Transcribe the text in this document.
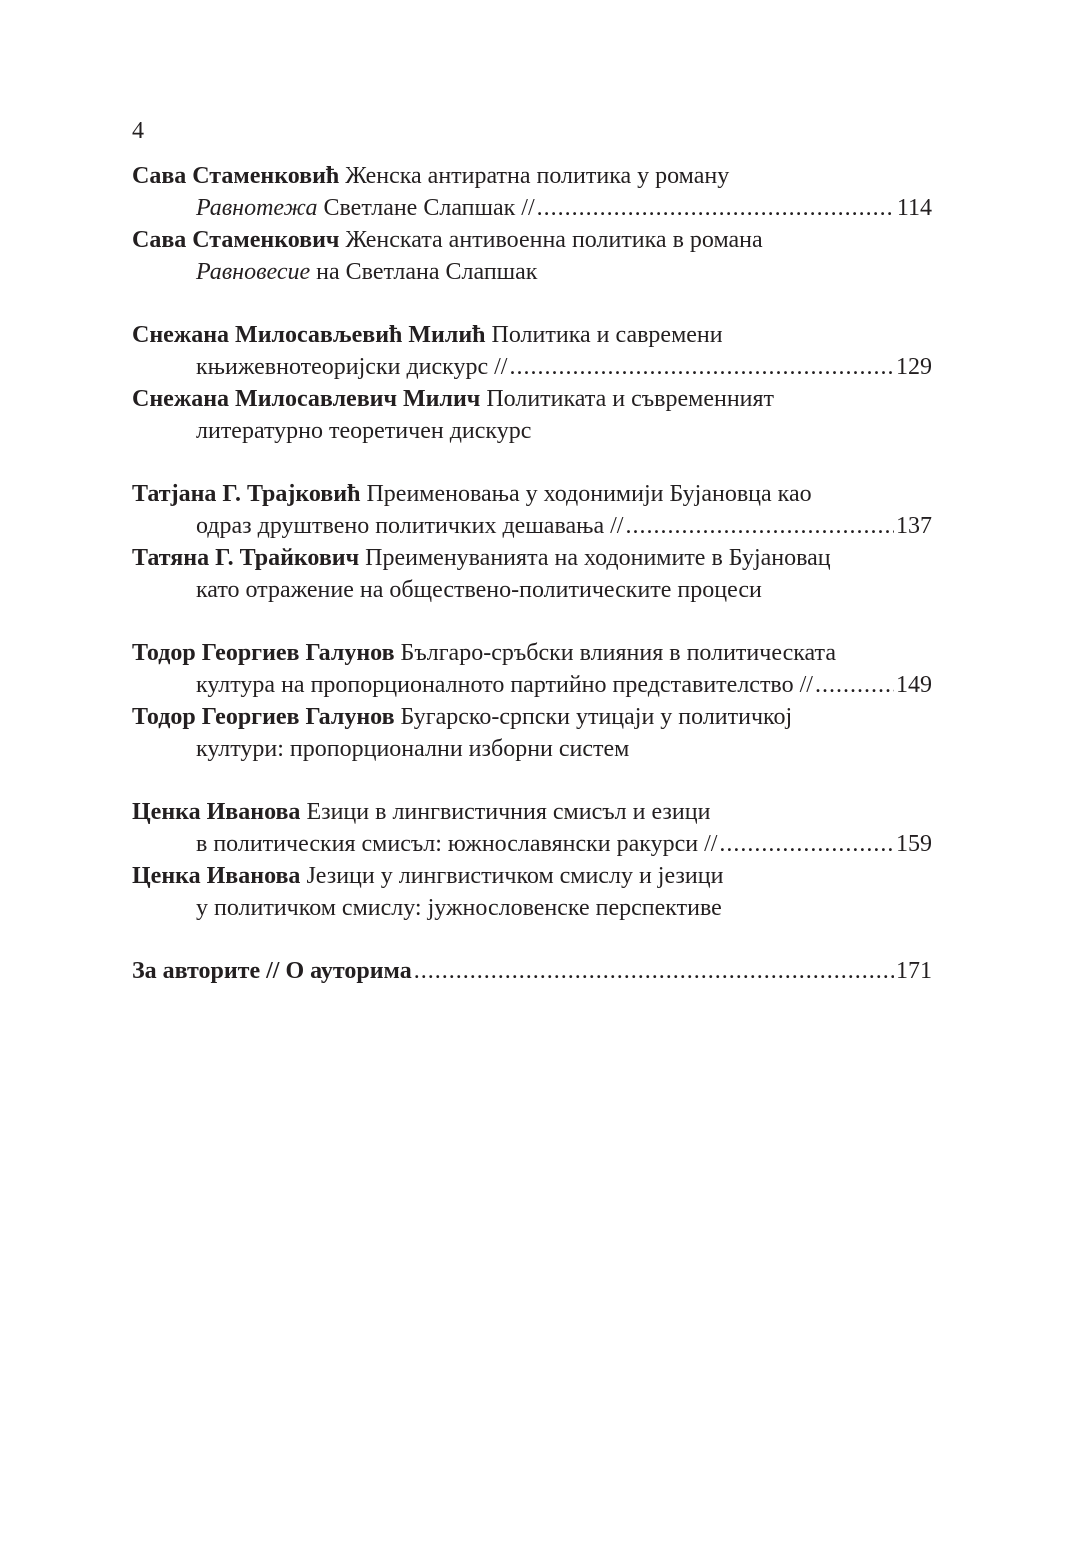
4
Сава Стаменковић Женска антиратна политика у роману
Равнотежа Светлане Слапшак // .....	114
Сава Стаменкович Женската антивоенна политика в романа
Равновесие на Светлана Слапшак
Снежана Милосављевић Милић Политика и савремени
књижевнотеоријски дискурс // .....	129
Снежана Милосавлевич Милич Политиката и съвременният
литературно теоретичен дискурс
Татјана Г. Трајковић Преименовања у ходонимији Бујановца као
одраз друштвено политичких дешавања // .....	137
Татяна Г. Трайкович Преименуванията на ходонимите в Бујановац
като отражение на обществено-политическите процеси
Тодор Георгиев Галунов Българо-сръбски влияния в политическата
култура на пропорционалното партийно представителство // .....	149
Тодор Георгиев Галунов Бугарско-српски утицаји у политичкој
култури: пропорционални изборни систем
Ценка Иванова Езици в лингвистичния смисъл и езици
в политическия смисъл: южнославянски ракурси // .....	159
Ценка Иванова Језици у лингвистичком смислу и језици
у политичком смислу: јужнословенске перспективе
За авторите // О ауторима .....	171
